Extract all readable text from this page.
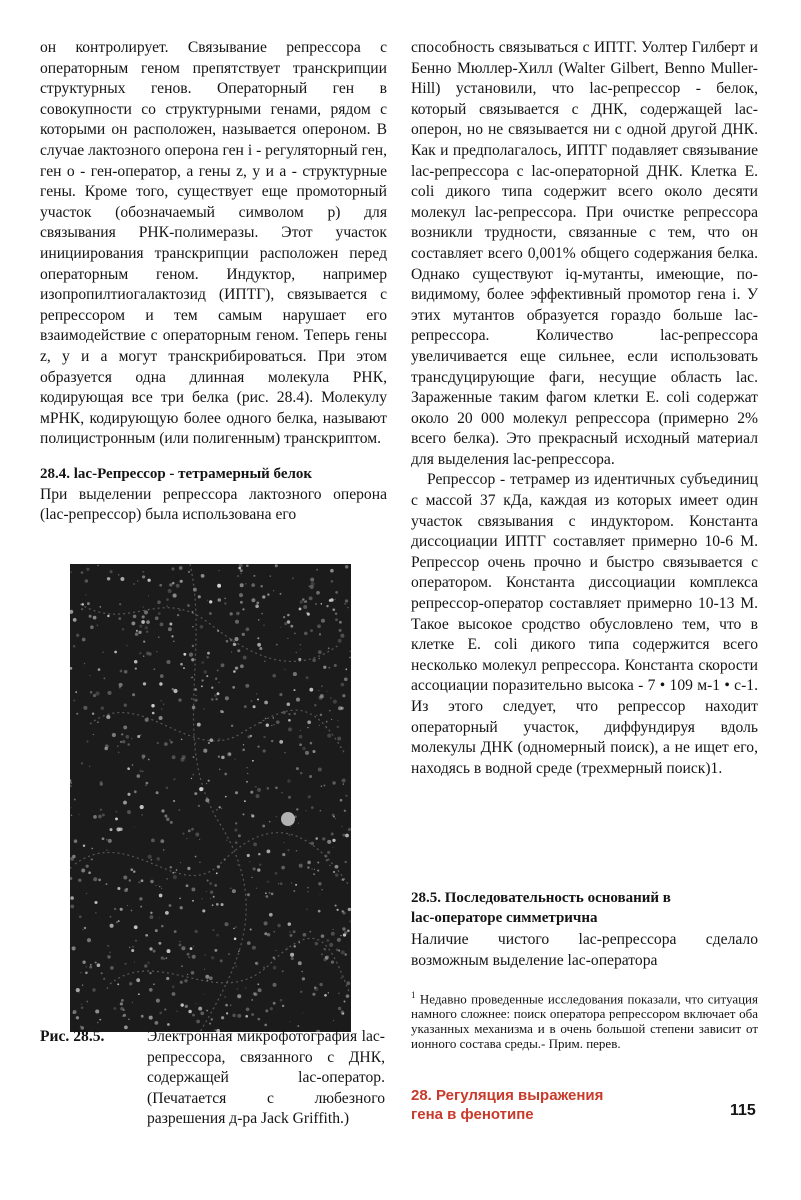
он контролирует. Связывание репрессора с операторным геном препятствует транскрипции структурных генов. Операторный ген в совокупности со структурными генами, рядом с которыми он расположен, называется оперοном. В случае лактозного оперона ген i - регуляторный ген, ген o - ген-оператор, а гены z, y и a - структурные гены. Кроме того, существует еще промоторный участок (обозначаемый символом p) для связывания РНК-полимеразы. Этот участок инициирования транскрипции расположен перед операторным геном. Индуктор, например изопропилтиогалактозид (ИПТГ), связывается с репрессором и тем самым нарушает его взаимодействие с операторным геном. Теперь гены z, y и a могут транскрибироваться. При этом образуется одна длинная молекула РНК, кодирующая все три белка (рис. 28.4). Молекулу мРНК, кодирующую более одного белка, называют полицистронным (или полигенным) транскриптом.

28.4. lac-Репрессор - тетрамерный белок

При выделении репрессора лактозного оперона (lac-репрессор) была использована его

Рис. 28.5.	Электронная микрофотография lac-репрессора, связанного с ДНК, содержащей lac-оператор. (Печатается с любезного разрешения д-ра Jack Griffith.)

способность связываться с ИПТГ. Уолтер Гилберт и Бенно Мюллер-Хилл (Walter Gilbert, Benno Muller-Hill) установили, что lac-репрессор - белок, который связывается с ДНК, содержащей lac-оперон, но не связывается ни с одной другой ДНК. Как и предполагалось, ИПТГ подавляет связывание lac-репрессора с lac-операторной ДНК. Клетка E. coli дикого типа содержит всего около десяти молекул lac-репрессора. При очистке репрессора возникли трудности, связанные с тем, что он составляет всего 0,001% общего содержания белка. Однако существуют iq-мутанты, имеющие, по-видимому, более эффективный промотор гена i. У этих мутантов образуется гораздо больше lac-репрессора. Количество lac-репрессора увеличивается еще сильнее, если использовать трансдуцирующие фаги, несущие область lac. Зараженные таким фагом клетки E. coli содержат около 20 000 молекул репрессора (примерно 2% всего белка). Это прекрасный исходный материал для выделения lac-репрессора.

Репрессор - тетрамер из идентичных субъединиц с массой 37 кДа, каждая из которых имеет один участок связывания с индуктором. Константа диссоциации ИПТГ составляет примерно 10-6 М. Репрессор очень прочно и быстро связывается с оператором. Константа диссоциации комплекса репрессор-оператор составляет примерно 10-13 М. Такое высокое сродство обусловлено тем, что в клетке E. coli дикого типа содержится всего несколько молекул репрессора. Константа скорости ассоциации поразительно высока - 7 • 109 м-1 • с-1. Из этого следует, что репрессор находит операторный участок, диффундируя вдоль молекулы ДНК (одномерный поиск), а не ищет его, находясь в водной среде (трехмерный поиск)1.

28.5. Последовательность оснований в
lac-операторе симметрична
Наличие чистого lac-репрессора сделало возможным выделение lac-оператора
$^1$ Недавно проведенные исследования показали, что ситуация намного сложнее: поиск оператора репрессором включает оба указанных механизма и в очень большой степени зависит от ионного состава среды.- Прим. перев.
28. Регуляция выражения
гена в фенотипе	115
